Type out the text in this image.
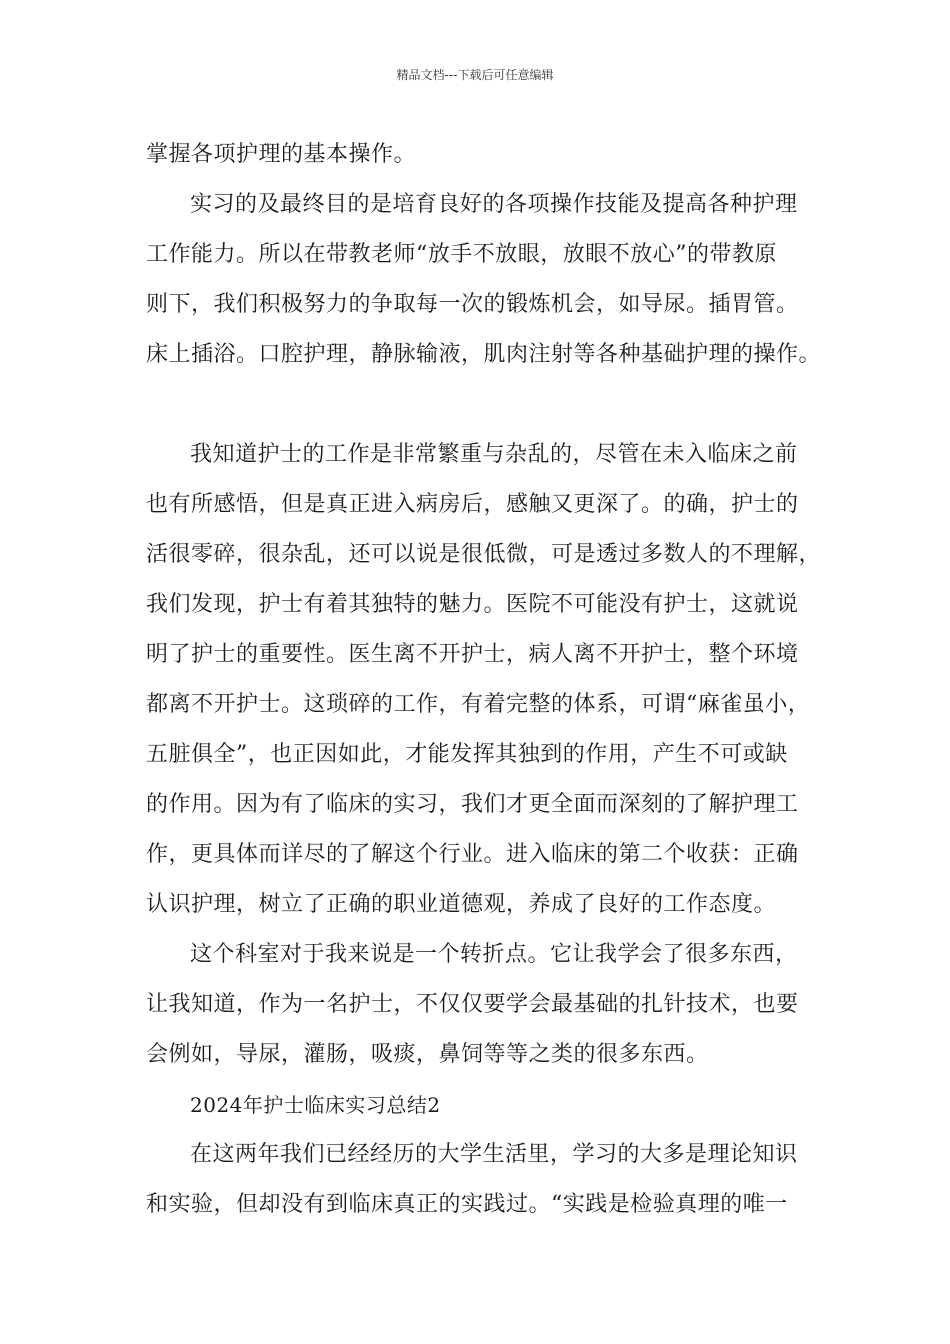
精品文档---下载后可任意编辑
掌握各项护理的基本操作。
实习的及最终目的是培育良好的各项操作技能及提高各种护理
工作能力。所以在带教老师“放手不放眼，放眼不放心”的带教原
则下，我们积极努力的争取每一次的锻炼机会，如导尿。插胃管。
床上插浴。口腔护理，静脉输液，肌肉注射等各种基础护理的操作。
我知道护士的工作是非常繁重与杂乱的，尽管在未入临床之前
也有所感悟，但是真正进入病房后，感触又更深了。的确，护士的
活很零碎，很杂乱，还可以说是很低微，可是透过多数人的不理解，
我们发现，护士有着其独特的魅力。医院不可能没有护士，这就说
明了护士的重要性。医生离不开护士，病人离不开护士，整个环境
都离不开护士。这琐碎的工作，有着完整的体系，可谓“麻雀虽小，
五脏俱全”，也正因如此，才能发挥其独到的作用，产生不可或缺
的作用。因为有了临床的实习，我们才更全面而深刻的了解护理工
作，更具体而详尽的了解这个行业。进入临床的第二个收获：正确
认识护理，树立了正确的职业道德观，养成了良好的工作态度。
这个科室对于我来说是一个转折点。它让我学会了很多东西，
让我知道，作为一名护士，不仅仅要学会最基础的扎针技术，也要
会例如，导尿，灌肠，吸痰，鼻饲等等之类的很多东西。
2024年护士临床实习总结2
在这两年我们已经经历的大学生活里，学习的大多是理论知识
和实验，但却没有到临床真正的实践过。“实践是检验真理的唯一
